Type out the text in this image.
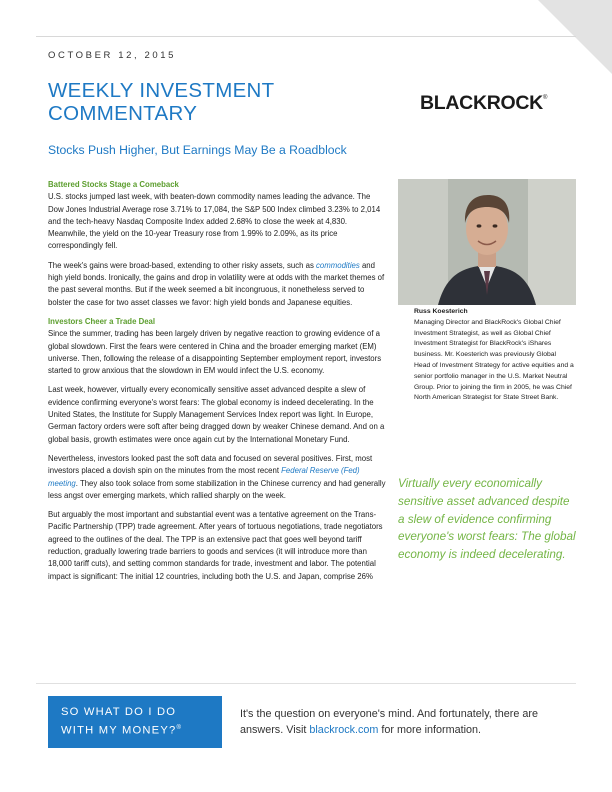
OCTOBER 12, 2015
WEEKLY INVESTMENT
COMMENTARY	BLACKROCK®
Stocks Push Higher, But Earnings May Be a Roadblock

Battered Stocks Stage a Comeback

U.S. stocks jumped last week, with beaten-down commodity names leading the advance. The Dow Jones Industrial Average rose 3.71% to 17,084, the S&P 500 Index climbed 3.23% to 2,014 and the tech-heavy Nasdaq Composite Index added 2.68% to close the week at 4,830. Meanwhile, the yield on the 10-year Treasury rose from 1.99% to 2.09%, as its price correspondingly fell.

The week's gains were broad-based, extending to other risky assets, such as commodities and high yield bonds. Ironically, the gains and drop in volatility were at odds with the market themes of the past several months. But if the week seemed a bit incongruous, it nonetheless served to bolster the case for two asset classes we favor: high yield bonds and Japanese equities.

Investors Cheer a Trade Deal

Since the summer, trading has been largely driven by negative reaction to growing evidence of a global slowdown. First the fears were centered in China and the broader emerging market (EM) universe. Then, following the release of a disappointing September employment report, investors started to grow anxious that the slowdown in EM would infect the U.S. economy.

Last week, however, virtually every economically sensitive asset advanced despite a slew of evidence confirming everyone's worst fears: The global economy is indeed decelerating. In the United States, the Institute for Supply Management Services Index report was light. In Europe, German factory orders were soft after being dragged down by weaker Chinese demand. And on a global basis, growth estimates were once again cut by the International Monetary Fund.

Nevertheless, investors looked past the soft data and focused on several positives. First, most investors placed a dovish spin on the minutes from the most recent Federal Reserve (Fed) meeting. They also took solace from some stabilization in the Chinese currency and had generally less angst over emerging markets, which rallied sharply on the week.

But arguably the most important and substantial event was a tentative agreement on the Trans-Pacific Partnership (TPP) trade agreement. After years of tortuous negotiations, trade negotiators agreed to the outlines of the deal. The TPP is an extensive pact that goes well beyond tariff reduction, gradually lowering trade barriers to goods and services (it will introduce more than 18,000 tariff cuts), and setting common standards for trade, investment and labor. The potential impact is significant: The initial 12 countries, including both the U.S. and Japan, comprise 26%

Russ Koesterich
Managing Director and BlackRock's Global Chief Investment Strategist, as well as Global Chief Investment Strategist for BlackRock's iShares business. Mr. Koesterich was previously Global Head of Investment Strategy for active equities and a senior portfolio manager in the U.S. Market Neutral Group. Prior to joining the firm in 2005, he was Chief North American Strategist for State Street Bank.
Virtually every economically sensitive asset advanced despite a slew of evidence confirming everyone's worst fears: The global economy is indeed decelerating.
SO WHAT DO I DO
WITH MY MONEY?®
It's the question on everyone's mind. And fortunately, there are answers. Visit blackrock.com for more information.
